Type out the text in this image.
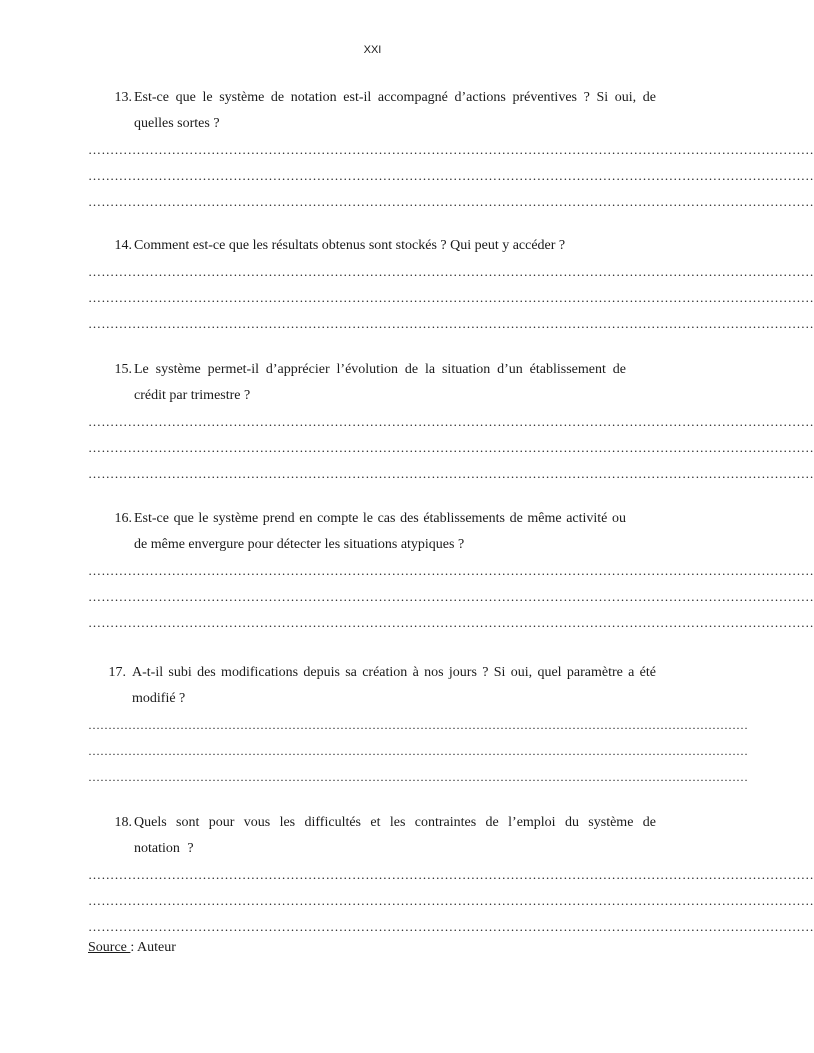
XXI
13. Est-ce que le système de notation est-il accompagné d’actions préventives ? Si oui, de quelles sortes ?
…………………………………………………………………………………………………………………………………………………
…………………………………………………………………………………………………………………………………………………
…………………………………………………………………………………………………………………………………………………
14. Comment est-ce que les résultats obtenus sont stockés ? Qui peut y accéder ?
…………………………………………………………………………………………………………………………………………………
…………………………………………………………………………………………………………………………………………………
…………………………………………………………………………………………………………………………………………………
15. Le système permet-il d’apprécier l’évolution de la situation d’un établissement de crédit par trimestre ?
…………………………………………………………………………………………………………………………………………………
…………………………………………………………………………………………………………………………………………………
…………………………………………………………………………………………………………………………………………………
16. Est-ce que le système prend en compte le cas des établissements de même activité ou de même envergure pour détecter les situations atypiques ?
…………………………………………………………………………………………………………………………………………………
…………………………………………………………………………………………………………………………………………………
…………………………………………………………………………………………………………………………………………………
17. A-t-il subi des modifications depuis sa création à nos jours ? Si oui, quel paramètre a été modifié ?
…………………………………………………………………………………………………………………………………………………
…………………………………………………………………………………………………………………………………………………
…………………………………………………………………………………………………………………………………………………
18. Quels sont pour vous les difficultés et les contraintes de l’emploi du système de notation ?
…………………………………………………………………………………………………………………………………………………
…………………………………………………………………………………………………………………………………………………
…………………………………………………………………………………………………………………………………………………
Source : Auteur
